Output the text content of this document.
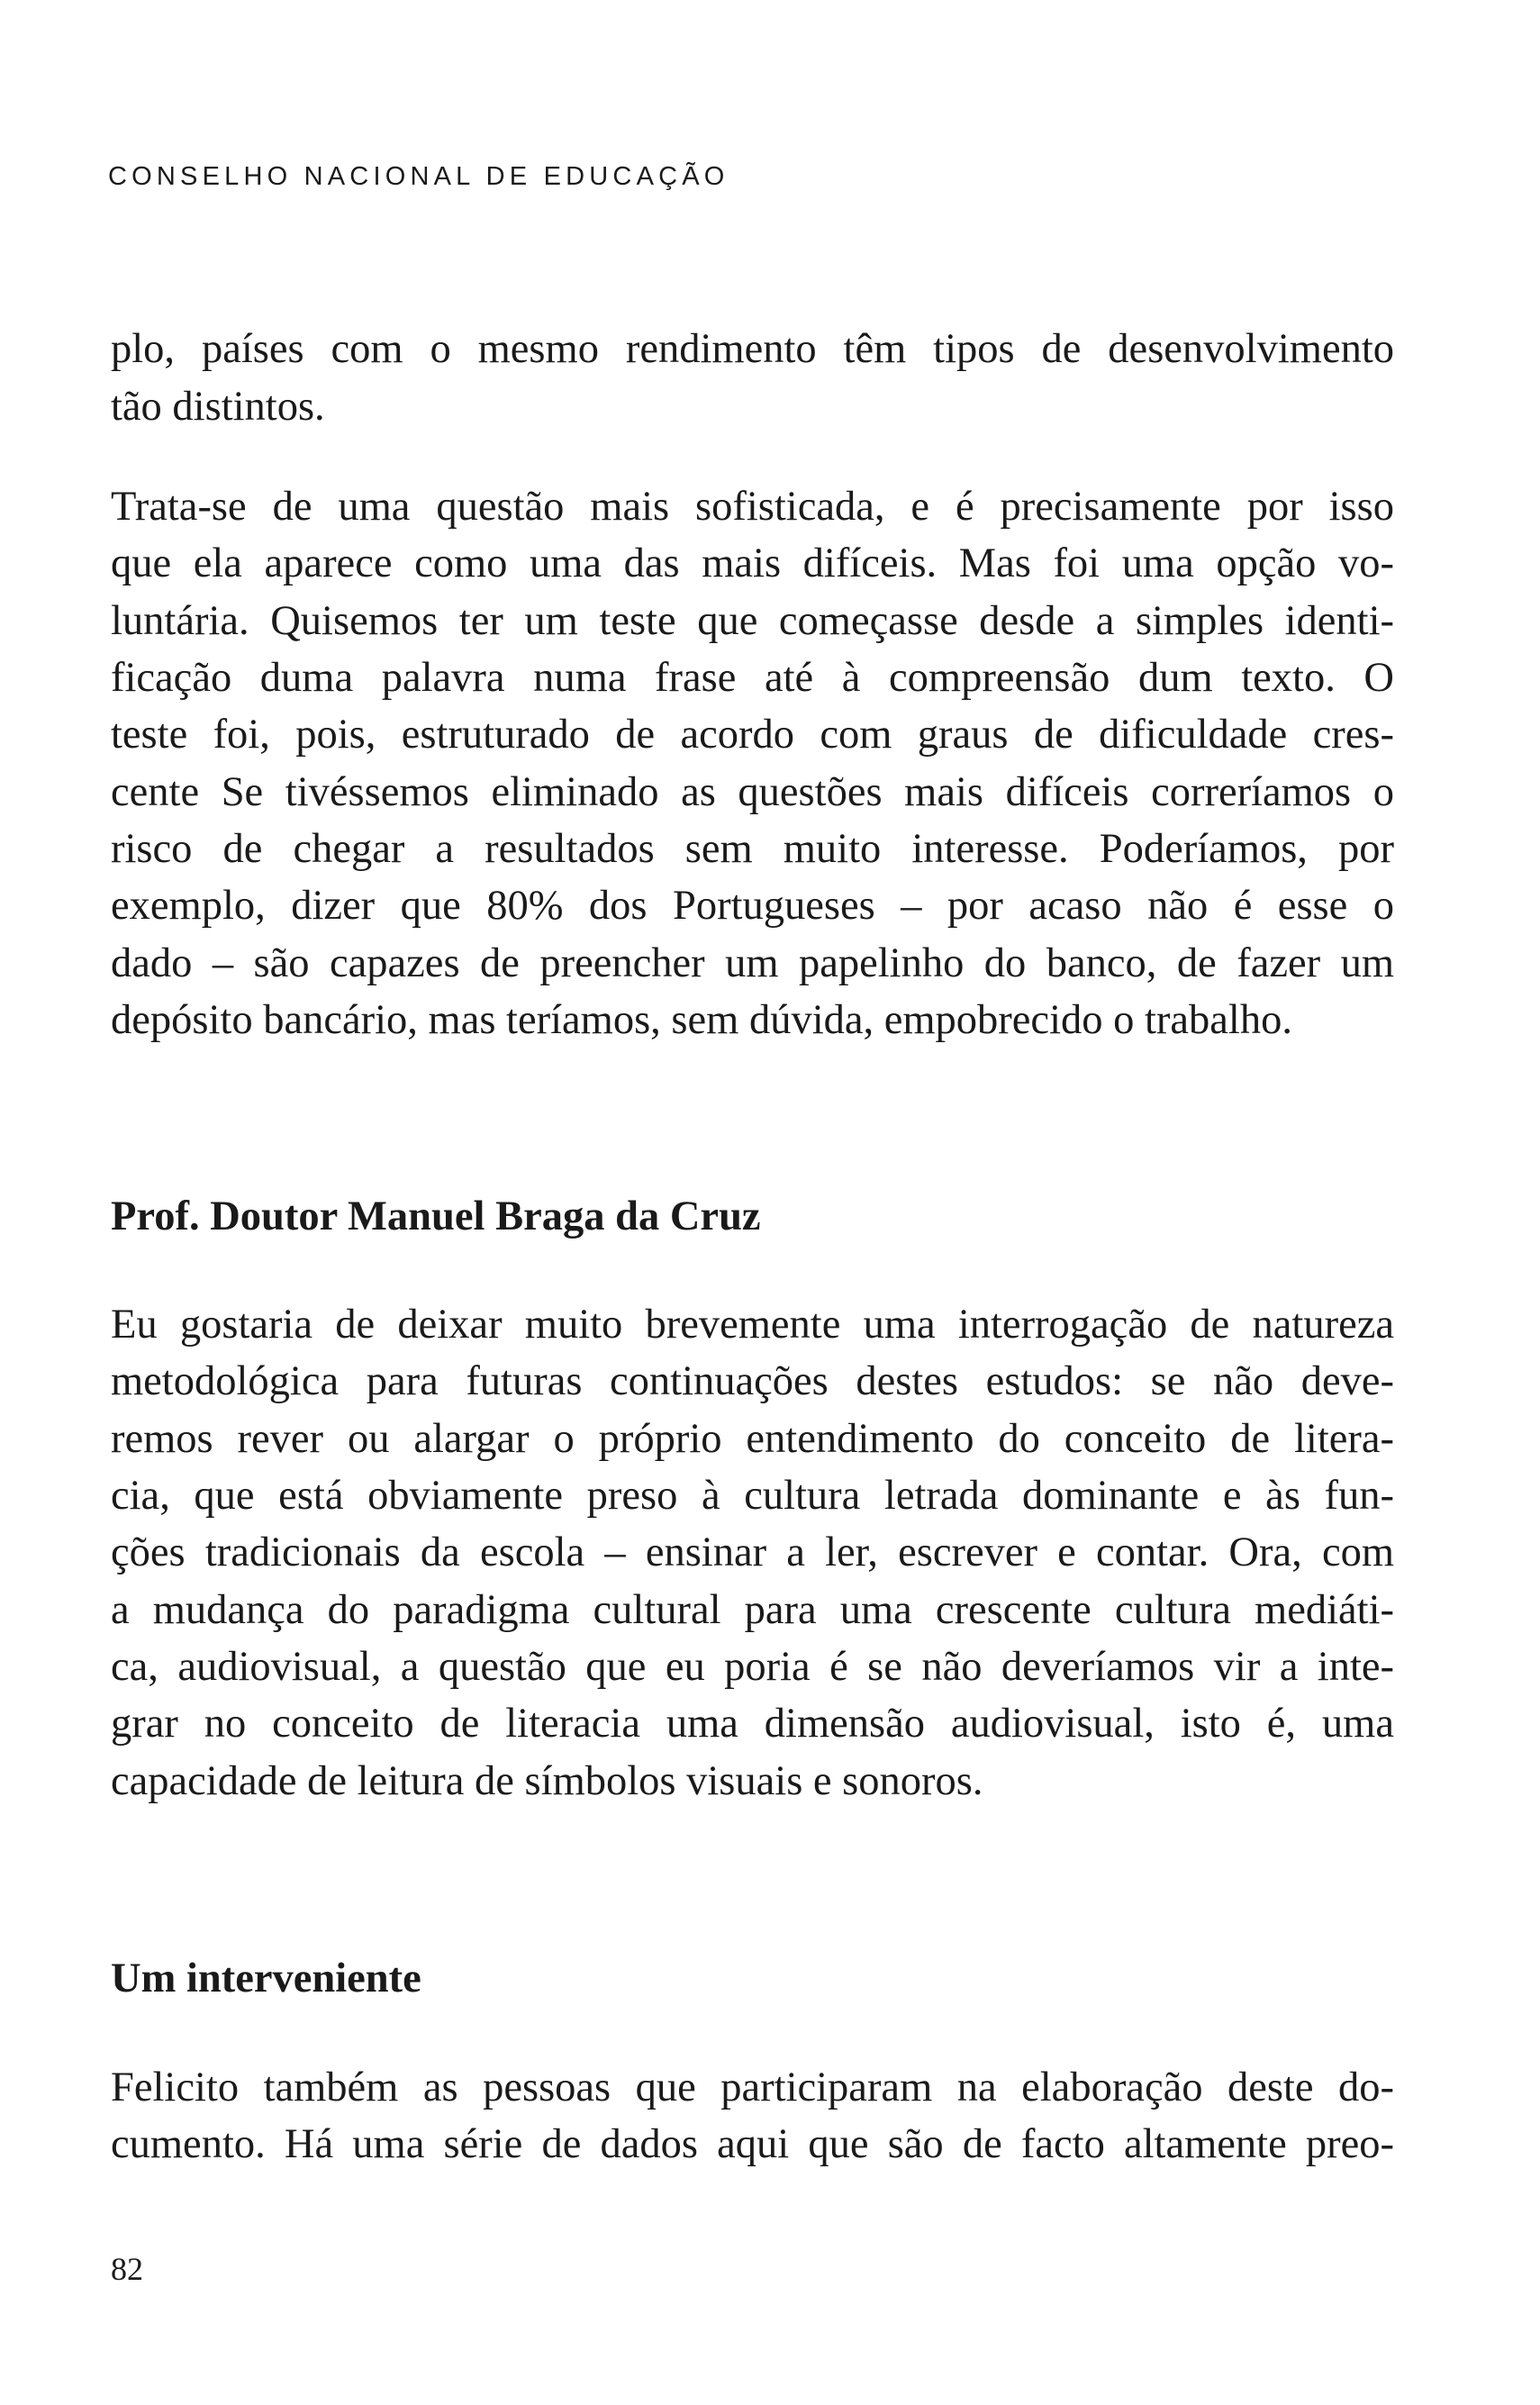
CONSELHO NACIONAL DE EDUCAÇÃO
plo, países com o mesmo rendimento têm tipos de desenvolvimento
tão distintos.
Trata-se de uma questão mais sofisticada, e é precisamente por isso
que ela aparece como uma das mais difíceis. Mas foi uma opção vo-
luntária. Quisemos ter um teste que começasse desde a simples identi-
ficação duma palavra numa frase até à compreensão dum texto. O
teste foi, pois, estruturado de acordo com graus de dificuldade cres-
cente Se tivéssemos eliminado as questões mais difíceis correríamos o
risco de chegar a resultados sem muito interesse. Poderíamos, por
exemplo, dizer que 80% dos Portugueses – por acaso não é esse o
dado – são capazes de preencher um papelinho do banco, de fazer um
depósito bancário, mas teríamos, sem dúvida, empobrecido o trabalho.
Prof. Doutor Manuel Braga da Cruz
Eu gostaria de deixar muito brevemente uma interrogação de natureza
metodológica para futuras continuações destes estudos: se não deve-
remos rever ou alargar o próprio entendimento do conceito de litera-
cia, que está obviamente preso à cultura letrada dominante e às fun-
ções tradicionais da escola – ensinar a ler, escrever e contar. Ora, com
a mudança do paradigma cultural para uma crescente cultura mediáti-
ca, audiovisual, a questão que eu poria é se não deveríamos vir a inte-
grar no conceito de literacia uma dimensão audiovisual, isto é, uma
capacidade de leitura de símbolos visuais e sonoros.
Um interveniente
Felicito também as pessoas que participaram na elaboração deste do-
cumento. Há uma série de dados aqui que são de facto altamente preo-
82
